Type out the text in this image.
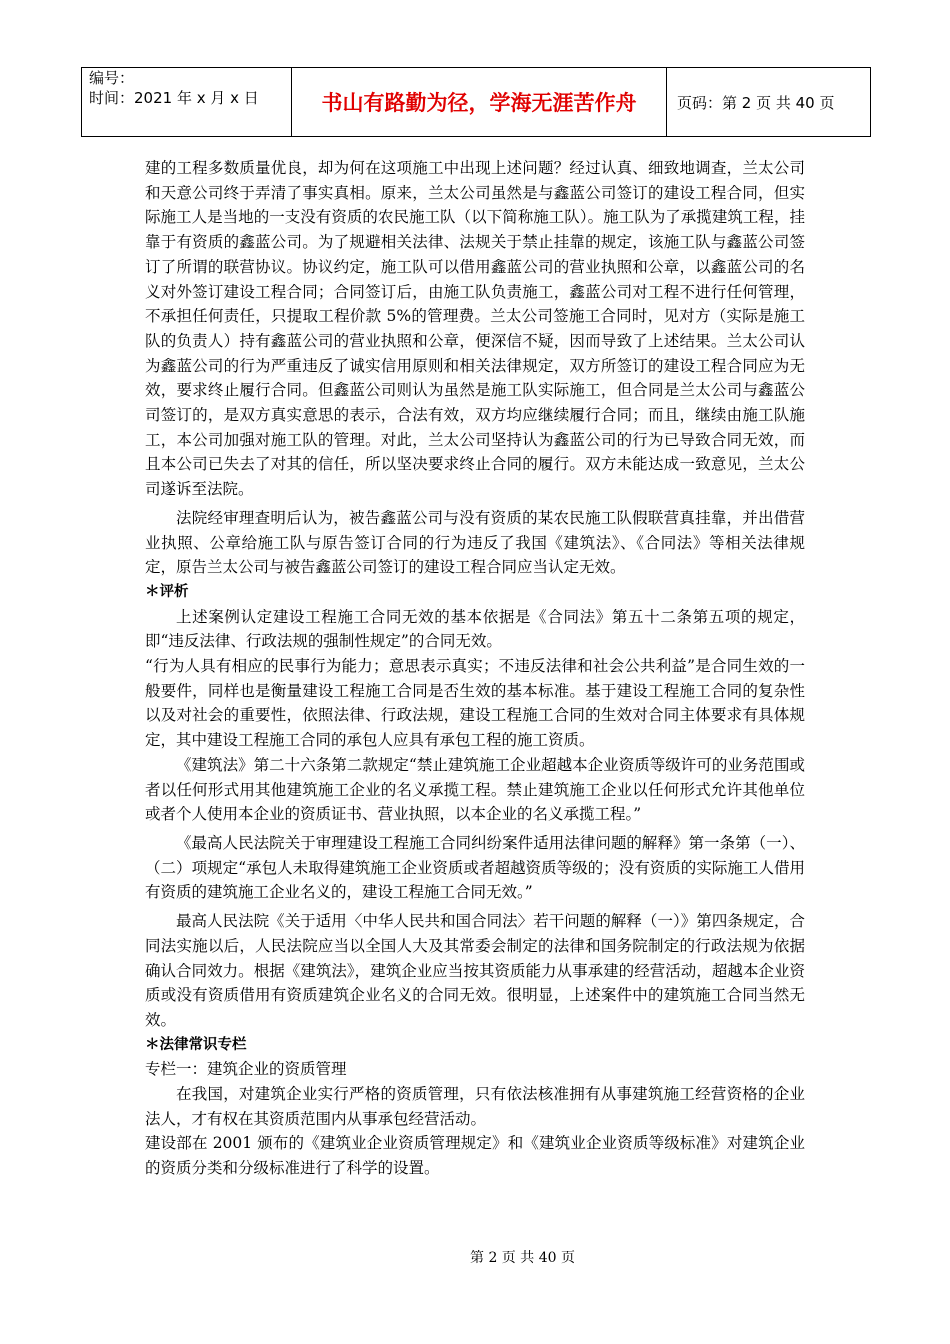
编号：
时间：2021 年 x 月 x 日	书山有路勤为径，学海无涯苦作舟	页码：第 2 页 共 40 页

建的工程多数质量优良，却为何在这项施工中出现上述问题？经过认真、细致地调查，兰太公司和天意公司终于弄清了事实真相。原来，兰太公司虽然是与鑫蓝公司签订的建设工程合同，但实际施工人是当地的一支没有资质的农民施工队（以下简称施工队）。施工队为了承揽建筑工程，挂靠于有资质的鑫蓝公司。为了规避相关法律、法规关于禁止挂靠的规定，该施工队与鑫蓝公司签订了所谓的联营协议。协议约定，施工队可以借用鑫蓝公司的营业执照和公章，以鑫蓝公司的名义对外签订建设工程合同；合同签订后，由施工队负责施工，鑫蓝公司对工程不进行任何管理，不承担任何责任，只提取工程价款 5%的管理费。兰太公司签施工合同时，见对方（实际是施工队的负责人）持有鑫蓝公司的营业执照和公章，便深信不疑，因而导致了上述结果。兰太公司认为鑫蓝公司的行为严重违反了诚实信用原则和相关法律规定，双方所签订的建设工程合同应为无效，要求终止履行合同。但鑫蓝公司则认为虽然是施工队实际施工，但合同是兰太公司与鑫蓝公司签订的，是双方真实意思的表示，合法有效，双方均应继续履行合同；而且，继续由施工队施工，本公司加强对施工队的管理。对此，兰太公司坚持认为鑫蓝公司的行为已导致合同无效，而且本公司已失去了对其的信任，所以坚决要求终止合同的履行。双方未能达成一致意见，兰太公司遂诉至法院。

法院经审理查明后认为，被告鑫蓝公司与没有资质的某农民施工队假联营真挂靠，并出借营业执照、公章给施工队与原告签订合同的行为违反了我国《建筑法》、《合同法》等相关法律规定，原告兰太公司与被告鑫蓝公司签订的建设工程合同应当认定无效。

＊评析

上述案例认定建设工程施工合同无效的基本依据是《合同法》第五十二条第五项的规定，即“违反法律、行政法规的强制性规定”的合同无效。

“行为人具有相应的民事行为能力；意思表示真实；不违反法律和社会公共利益”是合同生效的一般要件，同样也是衡量建设工程施工合同是否生效的基本标准。基于建设工程施工合同的复杂性以及对社会的重要性，依照法律、行政法规，建设工程施工合同的生效对合同主体要求有具体规定，其中建设工程施工合同的承包人应具有承包工程的施工资质。

《建筑法》第二十六条第二款规定“禁止建筑施工企业超越本企业资质等级许可的业务范围或者以任何形式用其他建筑施工企业的名义承揽工程。禁止建筑施工企业以任何形式允许其他单位或者个人使用本企业的资质证书、营业执照，以本企业的名义承揽工程。”

《最高人民法院关于审理建设工程施工合同纠纷案件适用法律问题的解释》第一条第（一）、（二）项规定“承包人未取得建筑施工企业资质或者超越资质等级的；没有资质的实际施工人借用有资质的建筑施工企业名义的，建设工程施工合同无效。”

最高人民法院《关于适用〈中华人民共和国合同法〉若干问题的解释（一）》第四条规定，合同法实施以后，人民法院应当以全国人大及其常委会制定的法律和国务院制定的行政法规为依据确认合同效力。根据《建筑法》，建筑企业应当按其资质能力从事承建的经营活动，超越本企业资质或没有资质借用有资质建筑企业名义的合同无效。很明显，上述案件中的建筑施工合同当然无效。

＊法律常识专栏

专栏一：建筑企业的资质管理

在我国，对建筑企业实行严格的资质管理，只有依法核准拥有从事建筑施工经营资格的企业法人，才有权在其资质范围内从事承包经营活动。

建设部在 2001 颁布的《建筑业企业资质管理规定》和《建筑业企业资质等级标准》对建筑企业的资质分类和分级标准进行了科学的设置。

第 2 页 共 40 页
